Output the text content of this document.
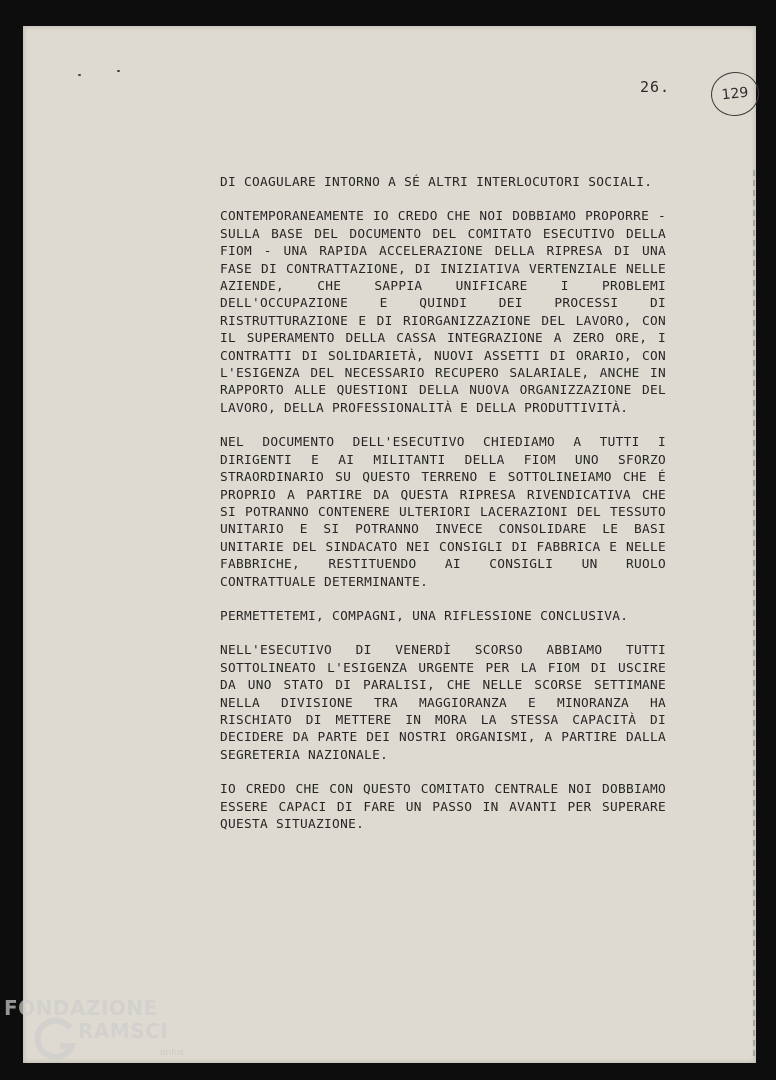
129
26.

DI COAGULARE INTORNO A SÉ ALTRI INTERLOCUTORI SOCIALI.

CONTEMPORANEAMENTE IO CREDO CHE NOI DOBBIAMO PROPORRE - SULLA BASE DEL DOCUMENTO DEL COMITATO ESECUTIVO DELLA FIOM - UNA RAPIDA ACCELERAZIONE DELLA RIPRESA DI UNA FASE DI CONTRATTAZIONE, DI INIZIATIVA VERTENZIALE NELLE AZIENDE, CHE SAPPIA UNIFICARE I PROBLEMI DELL'OCCUPAZIONE E QUINDI DEI PROCESSI DI RISTRUTTURAZIONE E DI RIORGANIZZAZIONE DEL LAVORO, CON IL SUPERAMENTO DELLA CASSA INTEGRAZIONE A ZERO ORE, I CONTRATTI DI SOLIDARIETÀ, NUOVI ASSETTI DI ORARIO, CON L'ESIGENZA DEL NECESSARIO RECUPERO SALARIALE, ANCHE IN RAPPORTO ALLE QUESTIONI DELLA NUOVA ORGANIZZAZIONE DEL LAVORO, DELLA PROFESSIONALITÀ E DELLA PRODUTTIVITÀ.

NEL DOCUMENTO DELL'ESECUTIVO CHIEDIAMO A TUTTI I DIRIGENTI E AI MILITANTI DELLA FIOM UNO SFORZO STRAORDINARIO SU QUESTO TERRENO E SOTTOLINEIAMO CHE É PROPRIO A PARTIRE DA QUESTA RIPRESA RIVENDICATIVA CHE SI POTRANNO CONTENERE ULTERIORI LACERAZIONI DEL TESSUTO UNITARIO E SI POTRANNO INVECE CONSOLIDARE LE BASI UNITARIE DEL SINDACATO NEI CONSIGLI DI FABBRICA E NELLE FABBRICHE, RESTITUENDO AI CONSIGLI UN RUOLO CONTRATTUALE DETERMINANTE.

PERMETTETEMI, COMPAGNI, UNA RIFLESSIONE CONCLUSIVA.

NELL'ESECUTIVO DI VENERDÌ SCORSO ABBIAMO TUTTI SOTTOLINEATO L'ESIGENZA URGENTE PER LA FIOM DI USCIRE DA UNO STATO DI PARALISI, CHE NELLE SCORSE SETTIMANE NELLA DIVISIONE TRA MAGGIORANZA E MINORANZA HA RISCHIATO DI METTERE IN MORA LA STESSA CAPACITÀ DI DECIDERE DA PARTE DEI NOSTRI ORGANISMI, A PARTIRE DALLA SEGRETERIA NAZIONALE.

IO CREDO CHE CON QUESTO COMITATO CENTRALE NOI DOBBIAMO ESSERE CAPACI DI FARE UN PASSO IN AVANTI PER SUPERARE QUESTA SITUAZIONE.

FONDAZIONE
RAMSCI
onlus
